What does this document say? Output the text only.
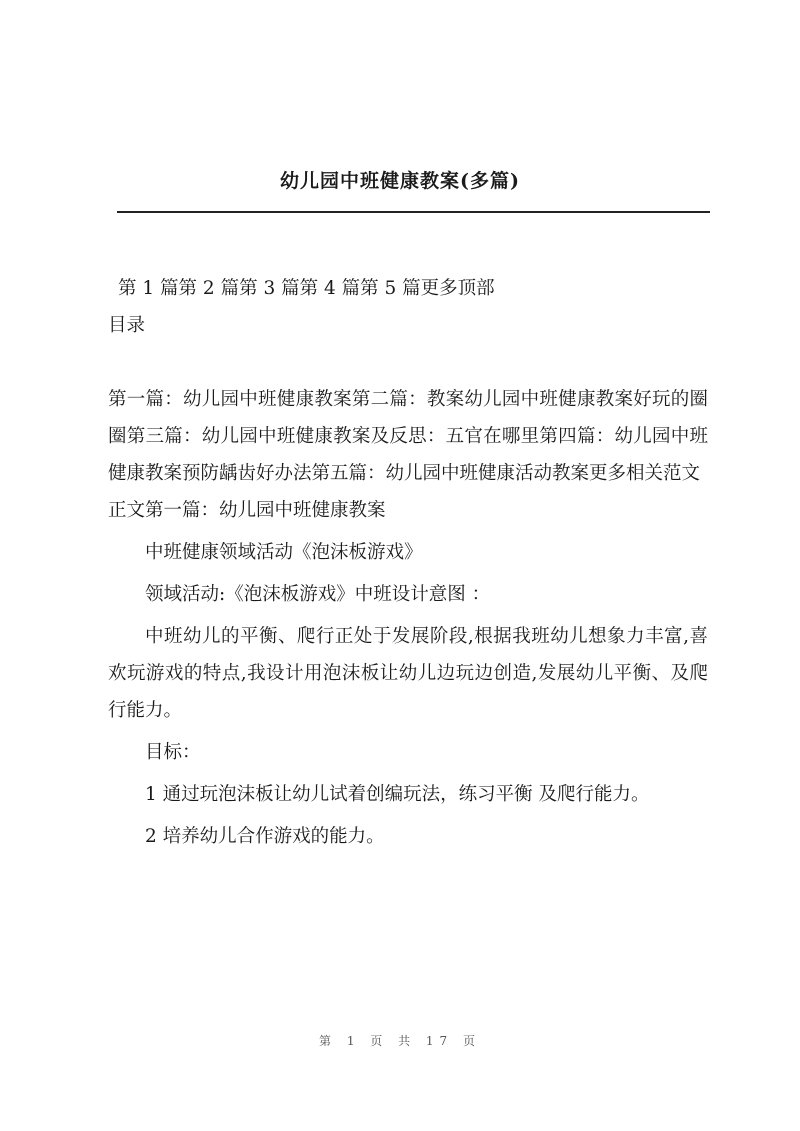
幼儿园中班健康教案(多篇)

第 1 篇第 2 篇第 3 篇第 4 篇第 5 篇更多顶部

目录

第一篇：幼儿园中班健康教案第二篇：教案幼儿园中班健康教案好玩的圈圈第三篇：幼儿园中班健康教案及反思：五官在哪里第四篇：幼儿园中班健康教案预防龋齿好办法第五篇：幼儿园中班健康活动教案更多相关范文

正文第一篇：幼儿园中班健康教案

中班健康领域活动《泡沫板游戏》

领域活动:《泡沫板游戏》中班设计意图 ：

中班幼儿的平衡、爬行正处于发展阶段,根据我班幼儿想象力丰富,喜欢玩游戏的特点,我设计用泡沫板让幼儿边玩边创造,发展幼儿平衡、及爬行能力。

目标：

1 通过玩泡沫板让幼儿试着创编玩法，练习平衡 及爬行能力。

2 培养幼儿合作游戏的能力。

第 1 页 共 17 页
